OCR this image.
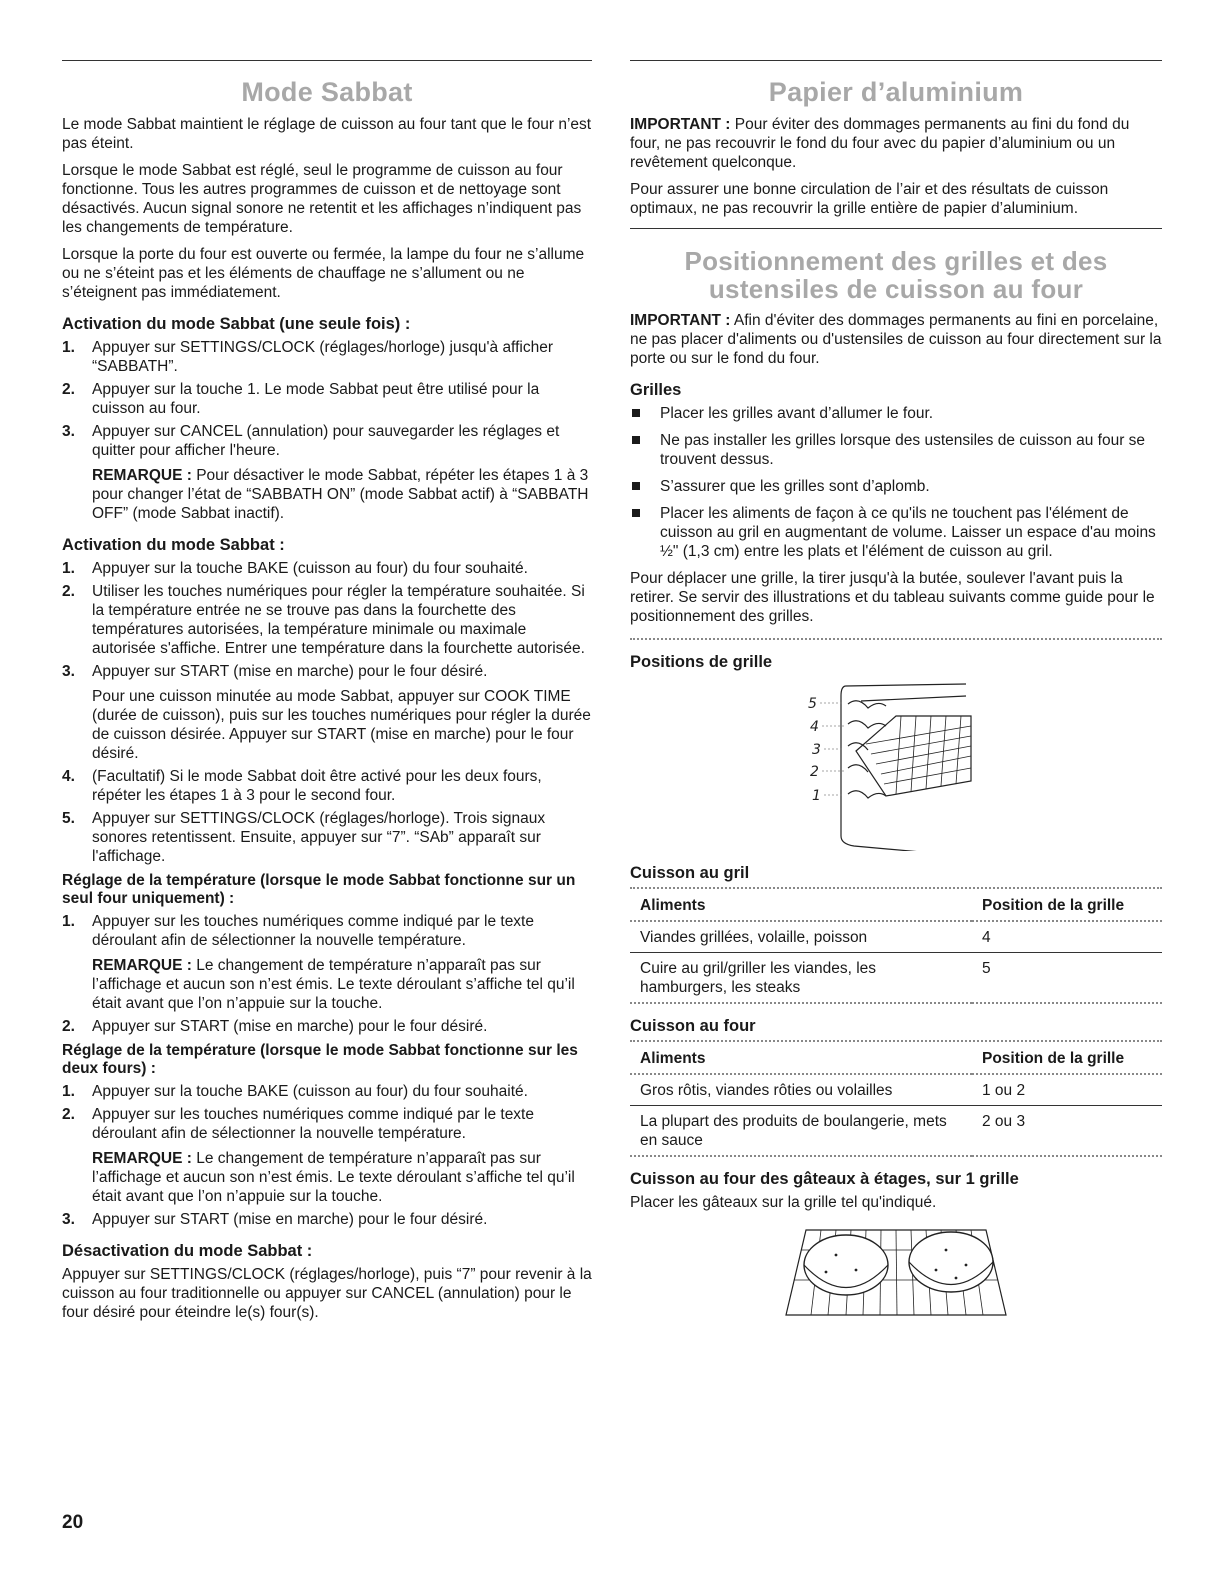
Mode Sabbat

Le mode Sabbat maintient le réglage de cuisson au four tant que le four n’est pas éteint.

Lorsque le mode Sabbat est réglé, seul le programme de cuisson au four fonctionne. Tous les autres programmes de cuisson et de nettoyage sont désactivés. Aucun signal sonore ne retentit et les affichages n’indiquent pas les changements de température.

Lorsque la porte du four est ouverte ou fermée, la lampe du four ne s’allume ou ne s’éteint pas et les éléments de chauffage ne s’allument ou ne s’éteignent pas immédiatement.

Activation du mode Sabbat (une seule fois) :
1. Appuyer sur SETTINGS/CLOCK (réglages/horloge) jusqu'à afficher “SABBATH”.
2. Appuyer sur la touche 1. Le mode Sabbat peut être utilisé pour la cuisson au four.
3. Appuyer sur CANCEL (annulation) pour sauvegarder les réglages et quitter pour afficher l'heure.
REMARQUE : Pour désactiver le mode Sabbat, répéter les étapes 1 à 3 pour changer l’état de “SABBATH ON” (mode Sabbat actif) à “SABBATH OFF” (mode Sabbat inactif).
Activation du mode Sabbat :
1. Appuyer sur la touche BAKE (cuisson au four) du four souhaité.
2. Utiliser les touches numériques pour régler la température souhaitée. Si la température entrée ne se trouve pas dans la fourchette des températures autorisées, la température minimale ou maximale autorisée s'affiche. Entrer une température dans la fourchette autorisée.
3. Appuyer sur START (mise en marche) pour le four désiré.
Pour une cuisson minutée au mode Sabbat, appuyer sur COOK TIME (durée de cuisson), puis sur les touches numériques pour régler la durée de cuisson désirée. Appuyer sur START (mise en marche) pour le four désiré.
4. (Facultatif) Si le mode Sabbat doit être activé pour les deux fours, répéter les étapes 1 à 3 pour le second four.
5. Appuyer sur SETTINGS/CLOCK (réglages/horloge). Trois signaux sonores retentissent. Ensuite, appuyer sur “7”. “SAb” apparaît sur l'affichage.
Réglage de la température (lorsque le mode Sabbat fonctionne sur un seul four uniquement) :
1. Appuyer sur les touches numériques comme indiqué par le texte déroulant afin de sélectionner la nouvelle température.
REMARQUE : Le changement de température n’apparaît pas sur l’affichage et aucun son n’est émis. Le texte déroulant s’affiche tel qu’il était avant que l’on n’appuie sur la touche.
2. Appuyer sur START (mise en marche) pour le four désiré.
Réglage de la température (lorsque le mode Sabbat fonctionne sur les deux fours) :
1. Appuyer sur la touche BAKE (cuisson au four) du four souhaité.
2. Appuyer sur les touches numériques comme indiqué par le texte déroulant afin de sélectionner la nouvelle température.
REMARQUE : Le changement de température n’apparaît pas sur l’affichage et aucun son n’est émis. Le texte déroulant s’affiche tel qu’il était avant que l’on n’appuie sur la touche.
3. Appuyer sur START (mise en marche) pour le four désiré.
Désactivation du mode Sabbat :

Appuyer sur SETTINGS/CLOCK (réglages/horloge), puis “7” pour revenir à la cuisson au four traditionnelle ou appuyer sur CANCEL (annulation) pour le four désiré pour éteindre le(s) four(s).

Papier d’aluminium

IMPORTANT : Pour éviter des dommages permanents au fini du fond du four, ne pas recouvrir le fond du four avec du papier d’aluminium ou un revêtement quelconque.

Pour assurer une bonne circulation de l’air et des résultats de cuisson optimaux, ne pas recouvrir la grille entière de papier d’aluminium.

Positionnement des grilles et des
ustensiles de cuisson au four

IMPORTANT : Afin d'éviter des dommages permanents au fini en porcelaine, ne pas placer d'aliments ou d'ustensiles de cuisson au four directement sur la porte ou sur le fond du four.

Grilles
Placer les grilles avant d’allumer le four.
Ne pas installer les grilles lorsque des ustensiles de cuisson au four se trouvent dessus.
S’assurer que les grilles sont d’aplomb.
Placer les aliments de façon à ce qu'ils ne touchent pas l'élément de cuisson au gril en augmentant de volume. Laisser un espace d'au moins ½" (1,3 cm) entre les plats et l'élément de cuisson au gril.

Pour déplacer une grille, la tirer jusqu'à la butée, soulever l'avant puis la retirer. Se servir des illustrations et du tableau suivants comme guide pour le positionnement des grilles.

Positions de grille
5
4
3
2
1
Cuisson au gril
Aliments	Position de la grille
Viandes grillées, volaille, poisson	4
Cuire au gril/griller les viandes, les hamburgers, les steaks	5
Cuisson au four
Aliments	Position de la grille
Gros rôtis, viandes rôties ou volailles	1 ou 2
La plupart des produits de boulangerie, mets en sauce	2 ou 3
Cuisson au four des gâteaux à étages, sur 1 grille

Placer les gâteaux sur la grille tel qu'indiqué.

20
